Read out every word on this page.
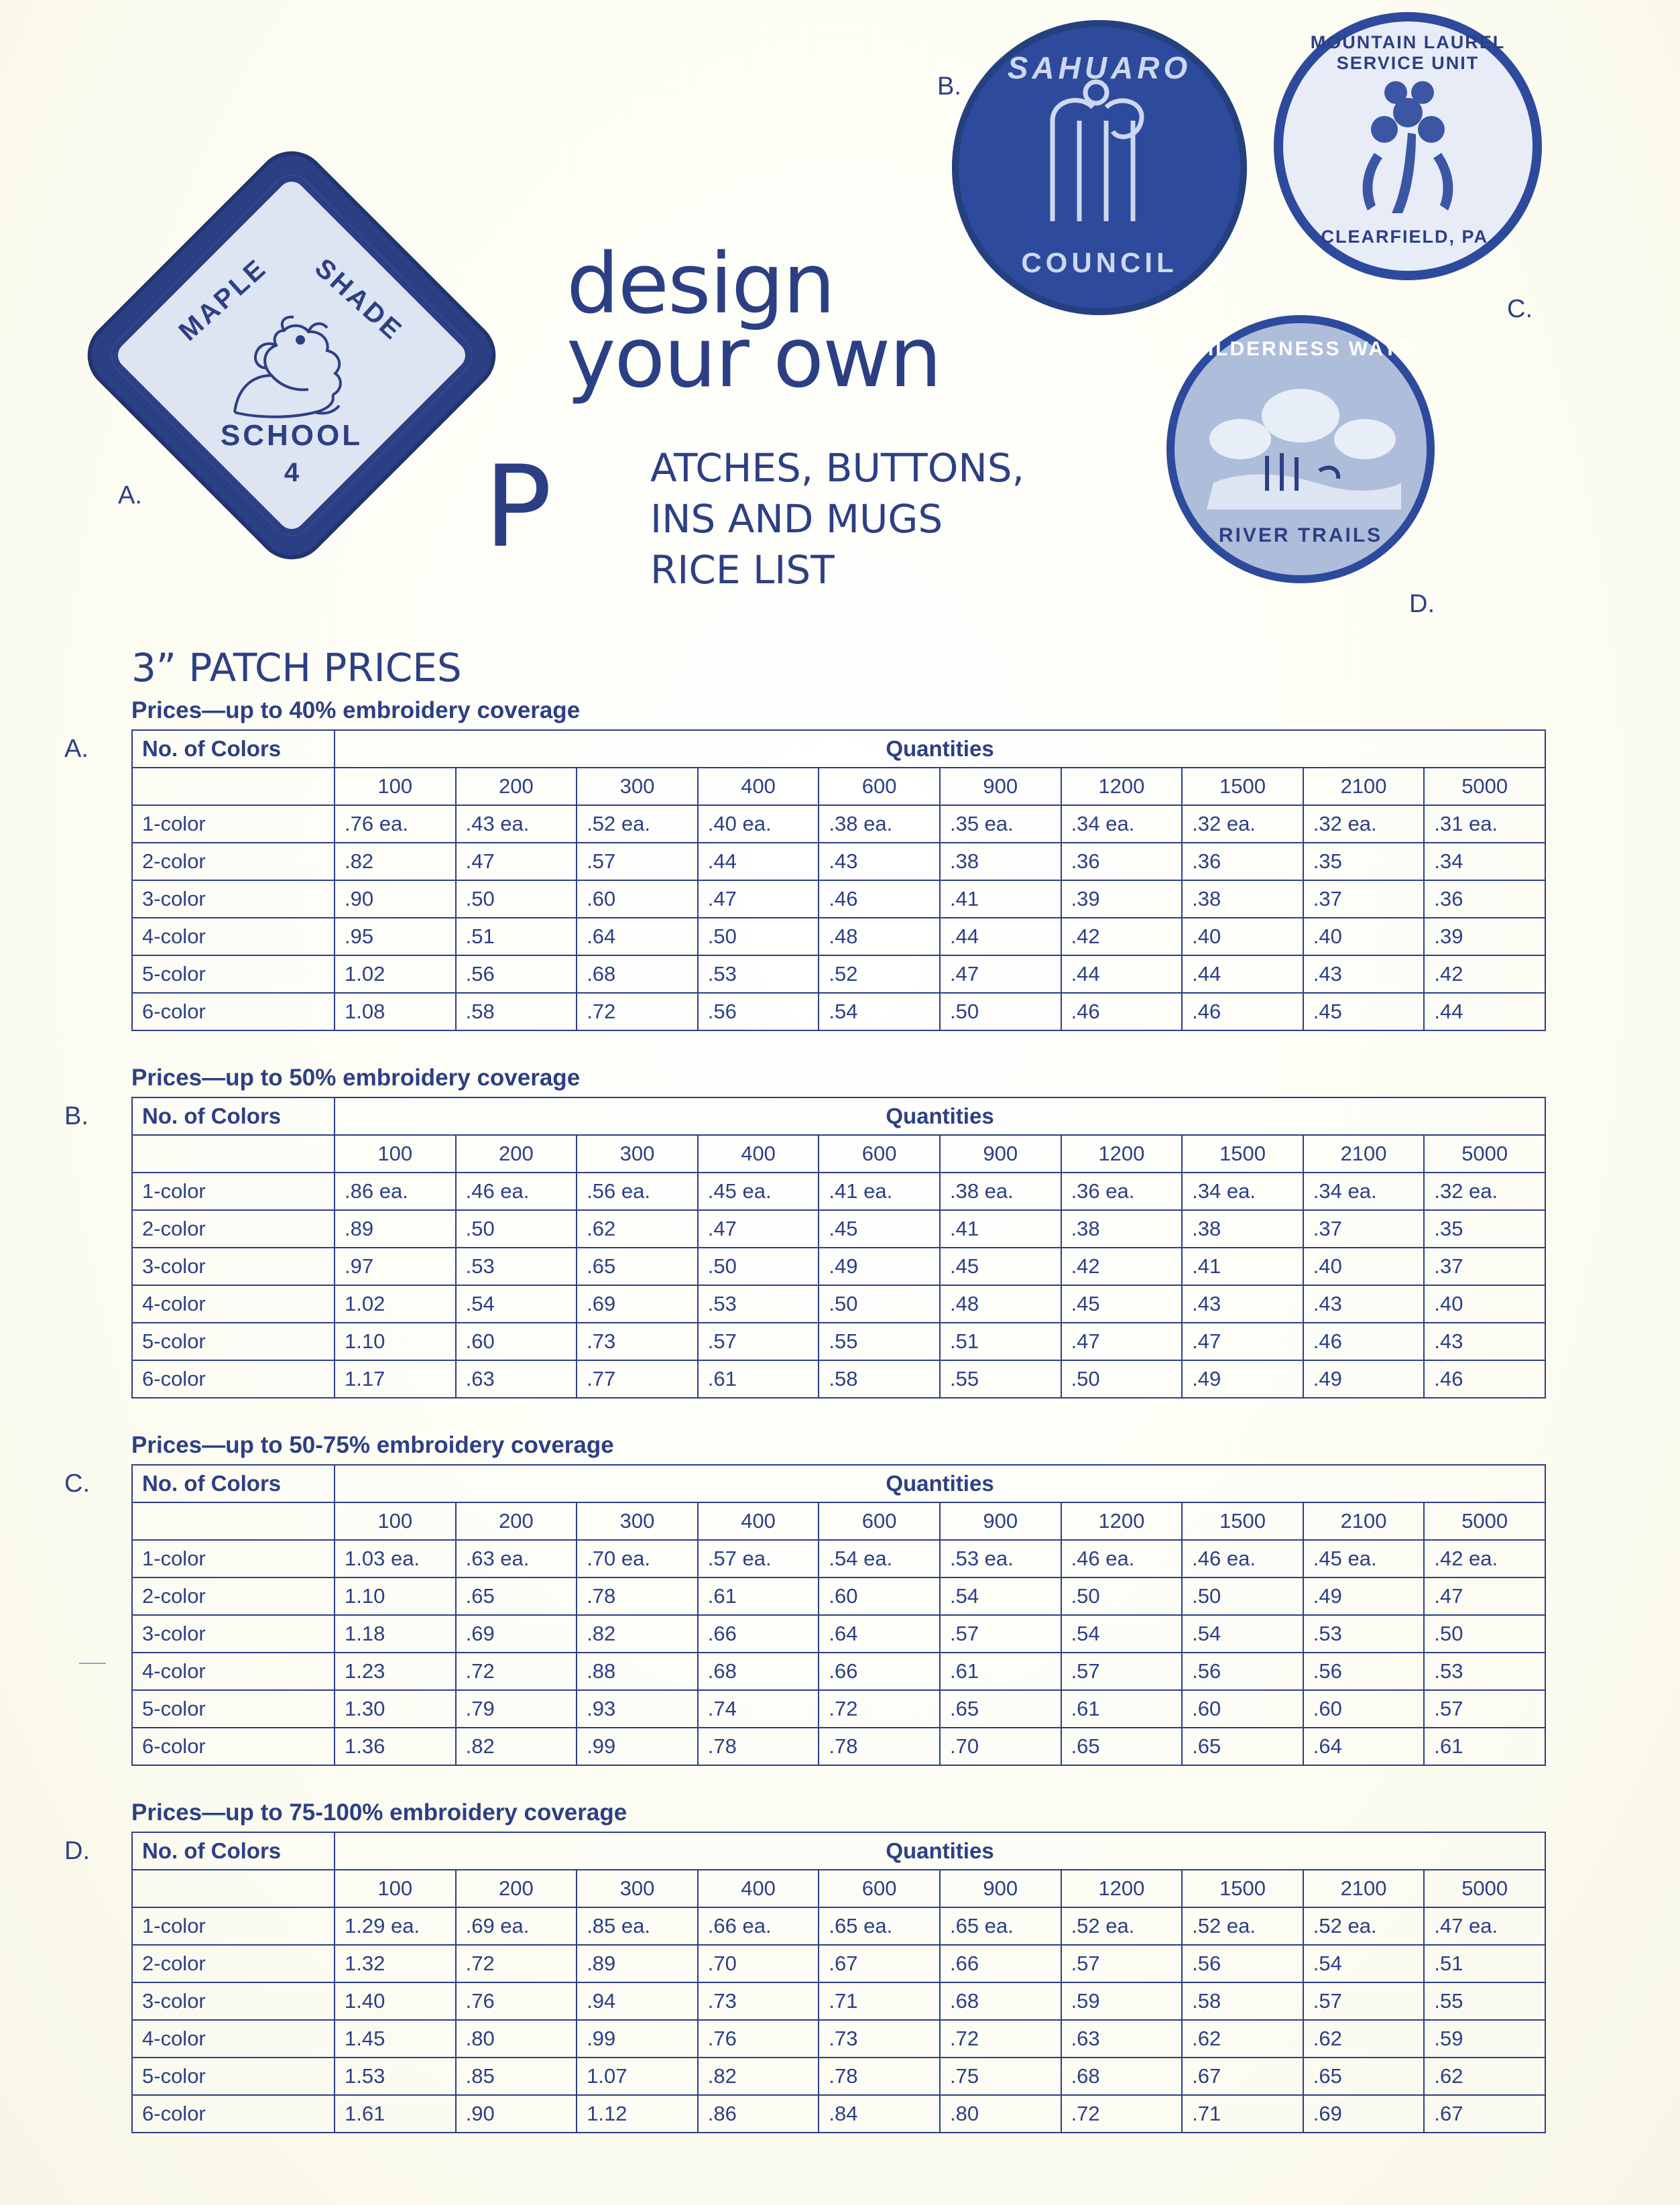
MAPLE SHADE
SCHOOL
4
A.
SAHUARO
COUNCIL
B.
MOUNTAIN LAUREL SERVICE UNIT
CLEARFIELD, PA.
C.
WILDERNESS WAYS
RIVER TRAILS
D.
design
your own
P	ATCHES, BUTTONS,
INS AND MUGS
RICE LIST
3” PATCH PRICES
Prices—up to 40% embroidery coverage
No. of Colors	Quantities									
	100	200	300	400	600	900	1200	1500	2100	5000
1-color	.76 ea.	.43 ea.	.52 ea.	.40 ea.	.38 ea.	.35 ea.	.34 ea.	.32 ea.	.32 ea.	.31 ea.
2-color	.82	.47	.57	.44	.43	.38	.36	.36	.35	.34
3-color	.90	.50	.60	.47	.46	.41	.39	.38	.37	.36
4-color	.95	.51	.64	.50	.48	.44	.42	.40	.40	.39
5-color	1.02	.56	.68	.53	.52	.47	.44	.44	.43	.42
6-color	1.08	.58	.72	.56	.54	.50	.46	.46	.45	.44
Prices—up to 50% embroidery coverage
No. of Colors	Quantities									
	100	200	300	400	600	900	1200	1500	2100	5000
1-color	.86 ea.	.46 ea.	.56 ea.	.45 ea.	.41 ea.	.38 ea.	.36 ea.	.34 ea.	.34 ea.	.32 ea.
2-color	.89	.50	.62	.47	.45	.41	.38	.38	.37	.35
3-color	.97	.53	.65	.50	.49	.45	.42	.41	.40	.37
4-color	1.02	.54	.69	.53	.50	.48	.45	.43	.43	.40
5-color	1.10	.60	.73	.57	.55	.51	.47	.47	.46	.43
6-color	1.17	.63	.77	.61	.58	.55	.50	.49	.49	.46
Prices—up to 50-75% embroidery coverage
No. of Colors	Quantities									
	100	200	300	400	600	900	1200	1500	2100	5000
1-color	1.03 ea.	.63 ea.	.70 ea.	.57 ea.	.54 ea.	.53 ea.	.46 ea.	.46 ea.	.45 ea.	.42 ea.
2-color	1.10	.65	.78	.61	.60	.54	.50	.50	.49	.47
3-color	1.18	.69	.82	.66	.64	.57	.54	.54	.53	.50
4-color	1.23	.72	.88	.68	.66	.61	.57	.56	.56	.53
5-color	1.30	.79	.93	.74	.72	.65	.61	.60	.60	.57
6-color	1.36	.82	.99	.78	.78	.70	.65	.65	.64	.61
Prices—up to 75-100% embroidery coverage
No. of Colors	Quantities									
	100	200	300	400	600	900	1200	1500	2100	5000
1-color	1.29 ea.	.69 ea.	.85 ea.	.66 ea.	.65 ea.	.65 ea.	.52 ea.	.52 ea.	.52 ea.	.47 ea.
2-color	1.32	.72	.89	.70	.67	.66	.57	.56	.54	.51
3-color	1.40	.76	.94	.73	.71	.68	.59	.58	.57	.55
4-color	1.45	.80	.99	.76	.73	.72	.63	.62	.62	.59
5-color	1.53	.85	1.07	.82	.78	.75	.68	.67	.65	.62
6-color	1.61	.90	1.12	.86	.84	.80	.72	.71	.69	.67
A.
B.
C.
D.
